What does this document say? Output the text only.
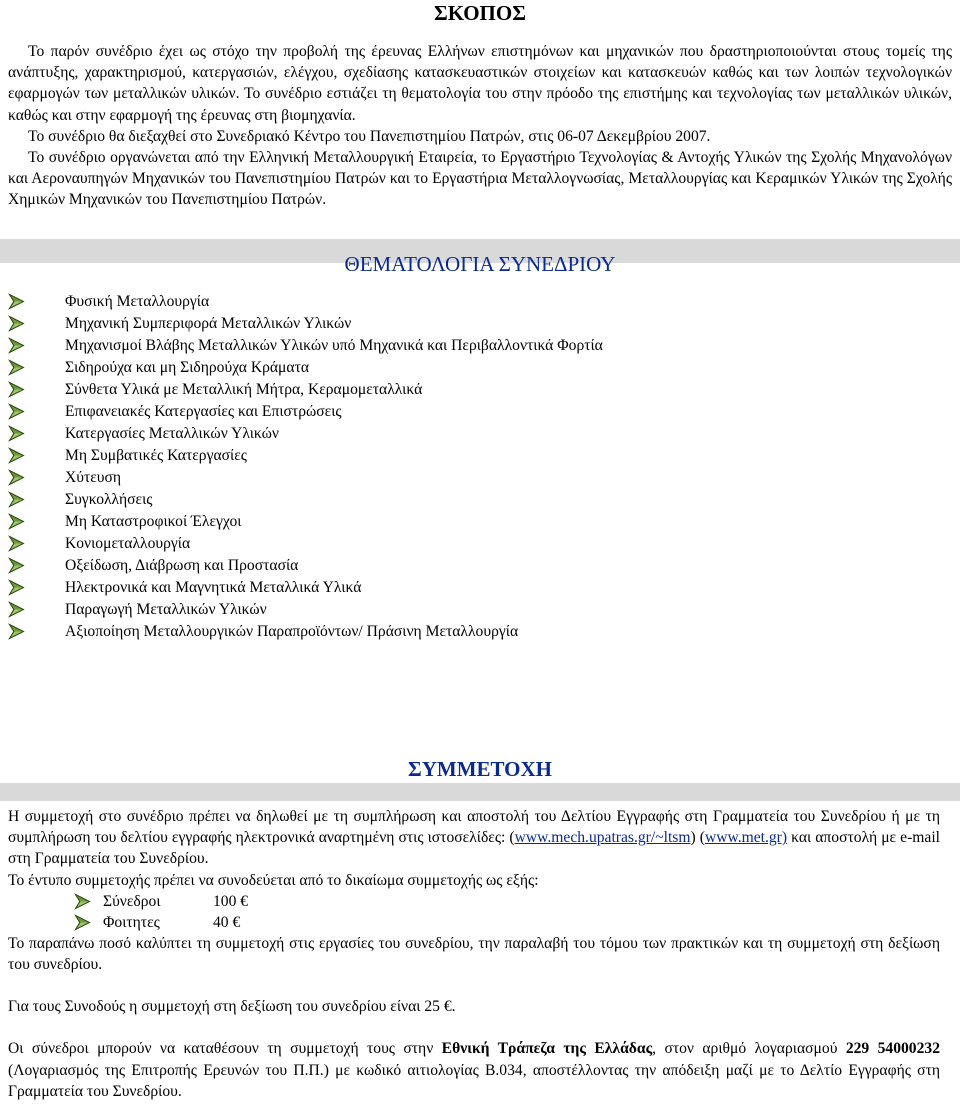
ΣΚΟΠΟΣ

Το παρόν συνέδριο έχει ως στόχο την προβολή της έρευνας Ελλήνων επιστημόνων και μηχανικών που δραστηριοποιούνται στους τομείς της ανάπτυξης, χαρακτηρισμού, κατεργασιών, ελέγχου, σχεδίασης κατασκευαστικών στοιχείων και κατασκευών καθώς και των λοιπών τεχνολογικών εφαρμογών των μεταλλικών υλικών. Το συνέδριο εστιάζει τη θεματολογία του στην πρόοδο της επιστήμης και τεχνολογίας των μεταλλικών υλικών, καθώς και στην εφαρμογή της έρευνας στη βιομηχανία.

Το συνέδριο θα διεξαχθεί στο Συνεδριακό Κέντρο του Πανεπιστημίου Πατρών, στις 06-07 Δεκεμβρίου 2007.

Το συνέδριο οργανώνεται από την Ελληνική Μεταλλουργική Εταιρεία, το Εργαστήριο Τεχνολογίας & Αντοχής Υλικών της Σχολής Μηχανολόγων και Αεροναυπηγών Μηχανικών του Πανεπιστημίου Πατρών και το Εργαστήρια Μεταλλογνωσίας, Μεταλλουργίας και Κεραμικών Υλικών της Σχολής Χημικών Μηχανικών του Πανεπιστημίου Πατρών.

ΘΕΜΑΤΟΛΟΓΙΑ ΣΥΝΕΔΡΙΟΥ
Φυσική Μεταλλουργία
Μηχανική Συμπεριφορά Μεταλλικών Υλικών
Μηχανισμοί Βλάβης Μεταλλικών Υλικών υπό Μηχανικά και Περιβαλλοντικά Φορτία
Σιδηρούχα και μη Σιδηρούχα Κράματα
Σύνθετα Υλικά με Μεταλλική Μήτρα, Κεραμομεταλλικά
Επιφανειακές Κατεργασίες και Επιστρώσεις
Κατεργασίες Μεταλλικών Υλικών
Μη Συμβατικές Κατεργασίες
Χύτευση
Συγκολλήσεις
Μη Καταστροφικοί Έλεγχοι
Κονιομεταλλουργία
Οξείδωση, Διάβρωση και Προστασία
Ηλεκτρονικά και Μαγνητικά Μεταλλικά Υλικά
Παραγωγή Μεταλλικών Υλικών
Αξιοποίηση Μεταλλουργικών Παραπροϊόντων/ Πράσινη Μεταλλουργία
ΣΥΜΜΕΤΟΧΗ

Η συμμετοχή στο συνέδριο πρέπει να δηλωθεί με τη συμπλήρωση και αποστολή του Δελτίου Εγγραφής στη Γραμματεία του Συνεδρίου ή με τη συμπλήρωση του δελτίου εγγραφής ηλεκτρονικά αναρτημένη στις ιστοσελίδες: (www.mech.upatras.gr/~ltsm) (www.met.gr) και αποστολή με e-mail στη Γραμματεία του Συνεδρίου.

Το έντυπο συμμετοχής πρέπει να συνοδεύεται από το δικαίωμα συμμετοχής ως εξής:

Σύνεδροι	100 €
Φοιτητες	40 €

Το παραπάνω ποσό καλύπτει τη συμμετοχή στις εργασίες του συνεδρίου, την παραλαβή του τόμου των πρακτικών και τη συμμετοχή στη δεξίωση του συνεδρίου.

Για τους Συνοδούς η συμμετοχή στη δεξίωση του συνεδρίου είναι 25 €.

Οι σύνεδροι μπορούν να καταθέσουν τη συμμετοχή τους στην Εθνική Τράπεζα της Ελλάδας, στον αριθμό λογαριασμού 229 54000232 (Λογαριασμός της Επιτροπής Ερευνών του Π.Π.) με κωδικό αιτιολογίας Β.034, αποστέλλοντας την απόδειξη μαζί με το Δελτίο Εγγραφής στη Γραμματεία του Συνεδρίου.
